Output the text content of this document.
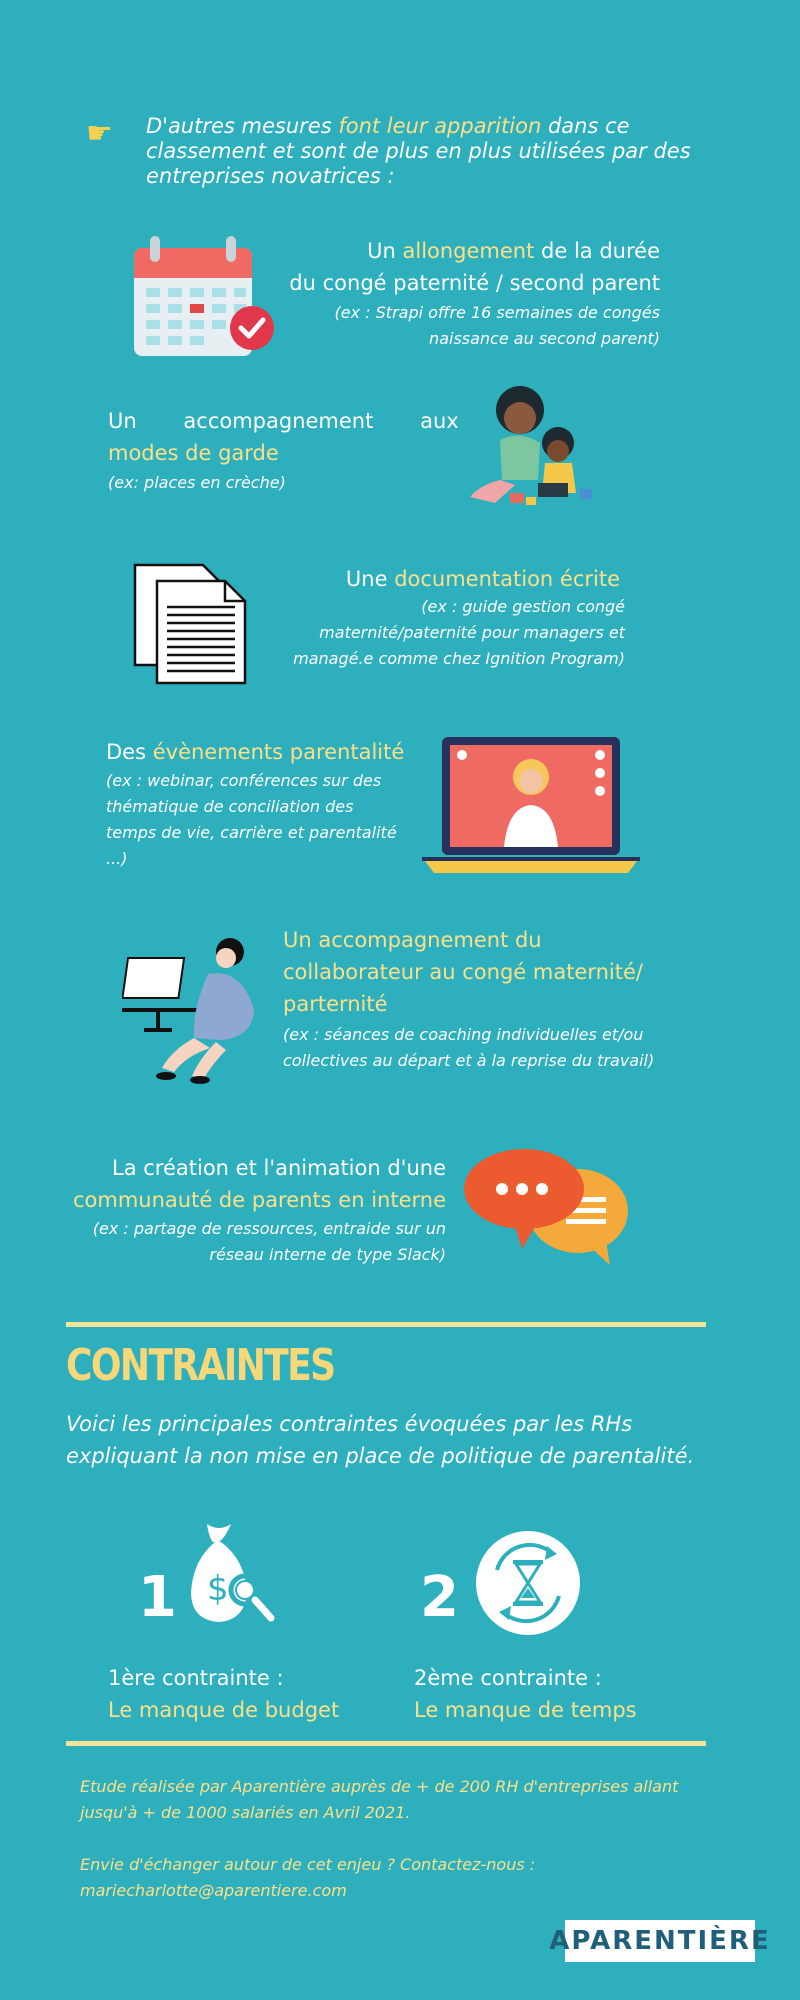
☛ D'autres mesures font leur apparition dans ce classement et sont de plus en plus utilisées par des entreprises novatrices :
Un allongement de la durée
du congé paternité / second parent
(ex : Strapi offre 16 semaines de congés
naissance au second parent)
Un       accompagnement       aux
modes de garde
(ex: places en crèche)
Une documentation écrite
(ex : guide gestion congé
maternité/paternité pour managers et
managé.e comme chez Ignition Program)
Des évènements parentalité
(ex : webinar, conférences sur des
thématique de conciliation des
temps de vie, carrière et parentalité
...)
Un accompagnement du
collaborateur au congé maternité/
parternité
(ex : séances de coaching individuelles et/ou
collectives au départ et à la reprise du travail)
La création et l'animation d'une
communauté de parents en interne
(ex : partage de ressources, entraide sur un
réseau interne de type Slack)
CONTRAINTES
Voici les principales contraintes évoquées par les RHs expliquant la non mise en place de politique de parentalité.
1 $	2
1ère contrainte :
Le manque de budget
2ème contrainte :
Le manque de temps
Etude réalisée par Aparentière auprès de + de 200 RH d'entreprises allant jusqu'à + de 1000 salariés en Avril 2021.
Envie d'échanger autour de cet enjeu ? Contactez-nous : mariecharlotte@aparentiere.com
APARENTIÈRE
